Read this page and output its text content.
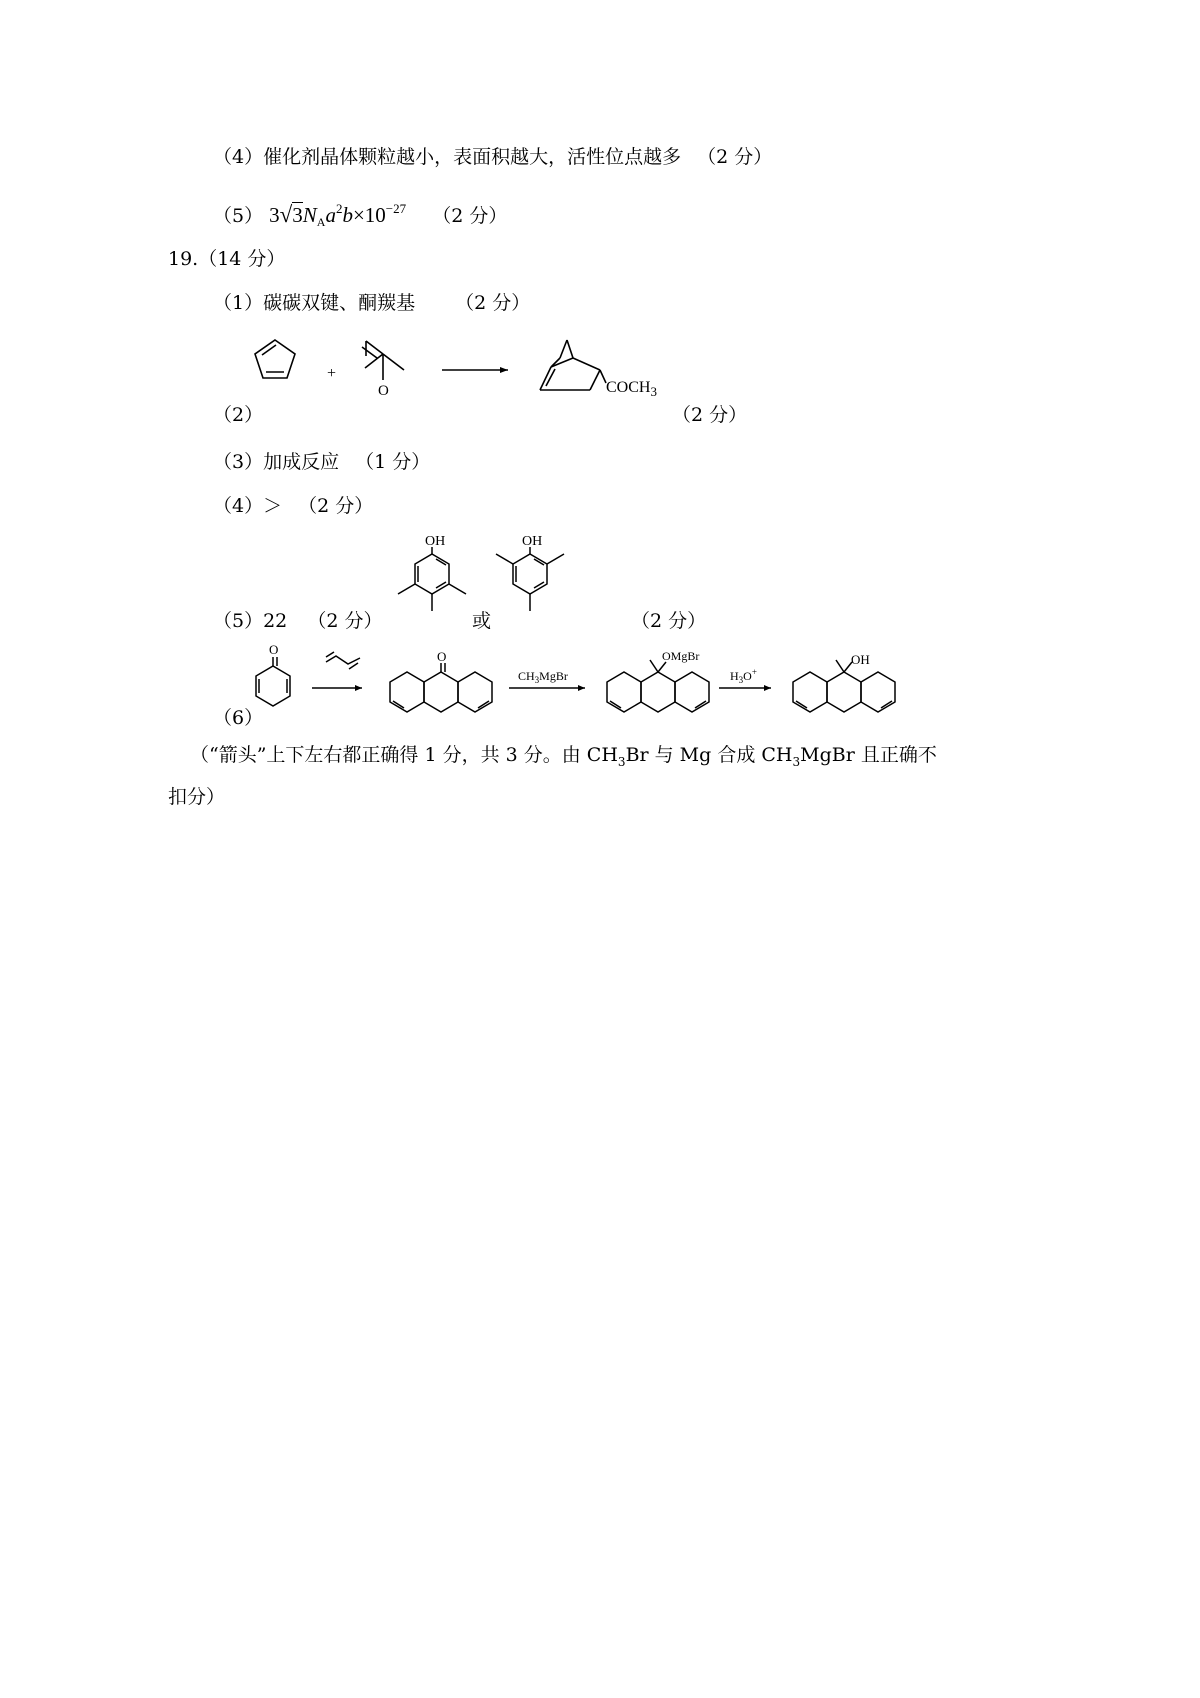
（4）催化剂晶体颗粒越小，表面积越大，活性位点越多 （2 分）
（5） $3√3N_Aa^2b\times 10^{-27}$ （2 分）
19.（14 分）
（1）碳碳双键、酮羰基 （2 分）
（2）	（2 分）
+
O	$COCH_3$
（3）加成反应 （1 分）
（4）＞ （2 分）
（5）22 （2 分）	或	（2 分）
OH	OH
（6）
O	O
$CH_3MgBr$
OMgBr
$H_3O^+$
OH
（“箭头”上下左右都正确得 1 分，共 3 分。由 $CH_3Br$ 与 Mg 合成 $CH_3MgBr$ 且正确不
扣分）
